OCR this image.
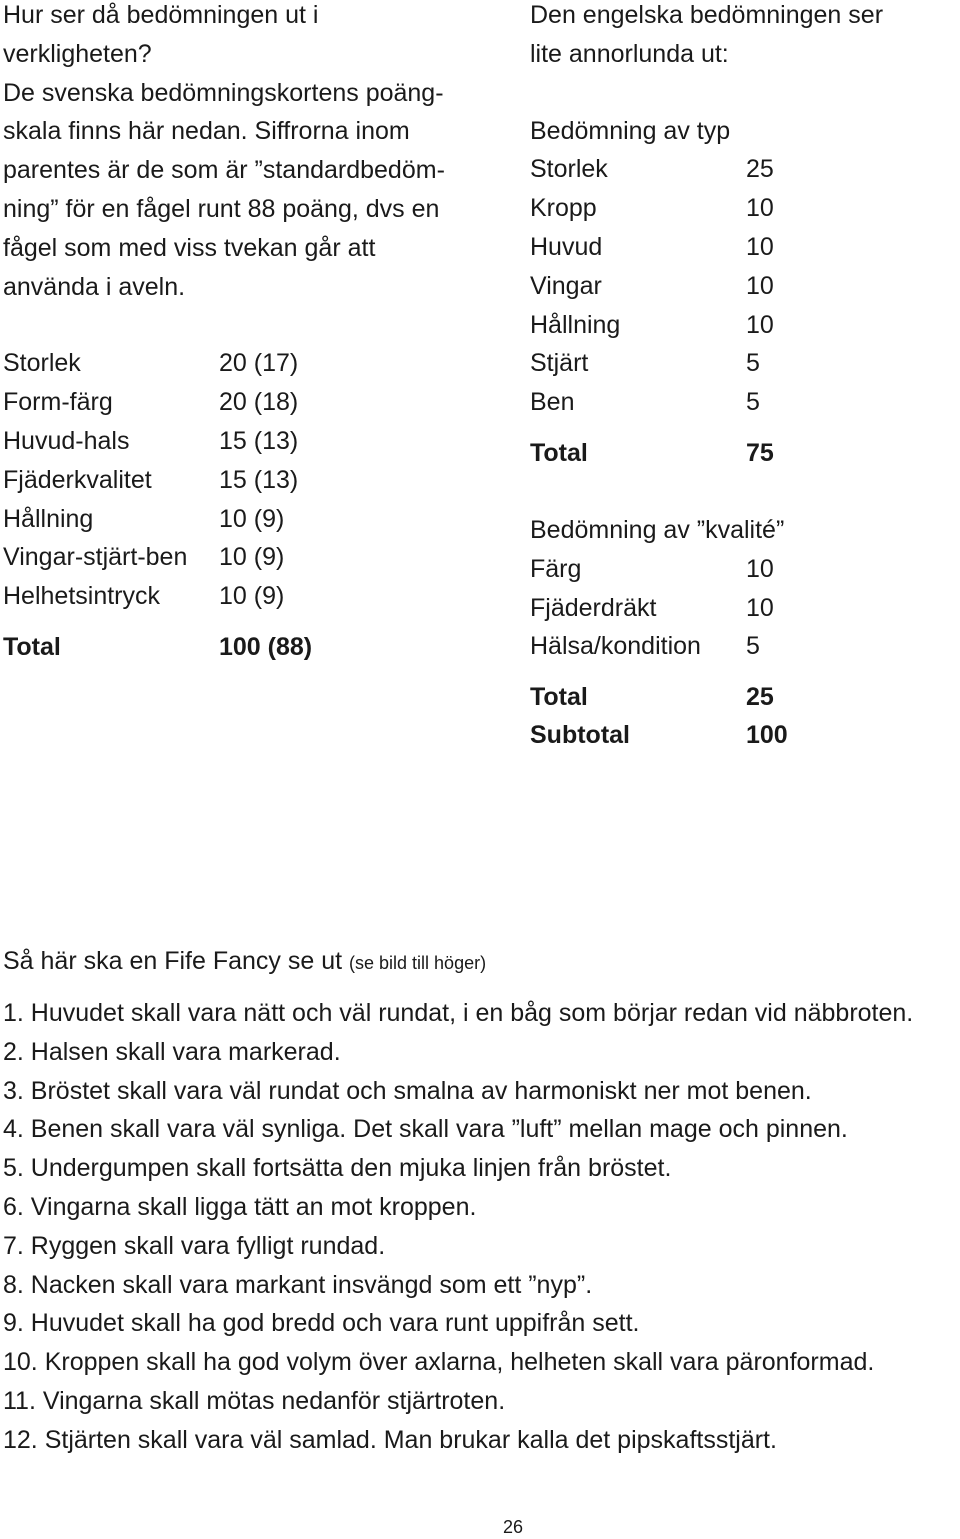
Hur ser då bedömningen ut i

verkligheten?

De svenska bedömningskortens poäng-

skala finns här nedan. Siffrorna inom

parentes är de som är ”standardbedöm-

ning” för en fågel runt 88 poäng, dvs en

fågel som med viss tvekan går att

använda i aveln.

Storlek	20 (17)
Form-färg	20 (18)
Huvud-hals	15 (13)
Fjäderkvalitet	15 (13)
Hållning	10 (9)
Vingar-stjärt-ben	10 (9)
Helhetsintryck	10 (9)
Total	100 (88)

Den engelska bedömningen ser

lite annorlunda ut:

Bedömning av typ

Storlek	25
Kropp	10
Huvud	10
Vingar	10
Hållning	10
Stjärt	5
Ben	5
Total	75

Bedömning av ”kvalité”

Färg	10
Fjäderdräkt	10
Hälsa/kondition	5
Total	25
Subtotal	100

Så här ska en Fife Fancy se ut (se bild till höger)

1. Huvudet skall vara nätt och väl rundat, i en båg som börjar redan vid näbbroten.
2. Halsen skall vara markerad.
3. Bröstet skall vara väl rundat och smalna av harmoniskt ner mot benen.
4. Benen skall vara väl synliga. Det skall vara ”luft” mellan mage och pinnen.
5. Undergumpen skall fortsätta den mjuka linjen från bröstet.
6. Vingarna skall ligga tätt an mot kroppen.
7. Ryggen skall vara fylligt rundad.
8. Nacken skall vara markant insvängd som ett ”nyp”.
9. Huvudet skall ha god bredd och vara runt uppifrån sett.
10. Kroppen skall ha god volym över axlarna, helheten skall vara päronformad.
11. Vingarna skall mötas nedanför stjärtroten.
12. Stjärten skall vara väl samlad. Man brukar kalla det pipskaftsstjärt.
26
